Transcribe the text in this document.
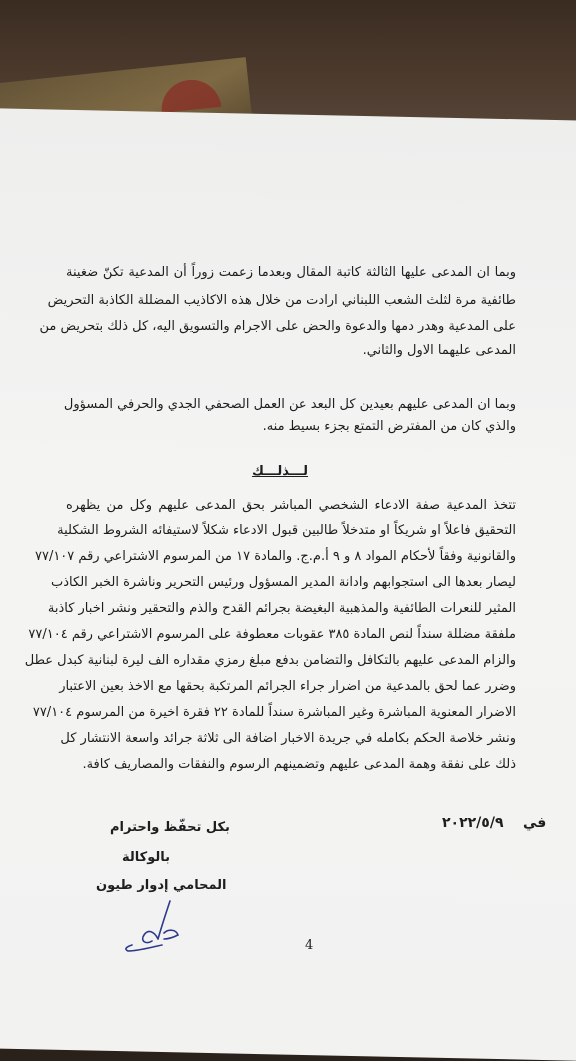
وبما ان المدعى عليها الثالثة كاتبة المقال وبعدما زعمت زوراً أن المدعية تكنّ ضغينة
طائفية مرة لثلث الشعب اللبناني ارادت من خلال هذه الاكاذيب المضللة الكاذبة التحريض
على المدعية وهدر دمها والدعوة والحض على الاجرام والتسويق اليه، كل ذلك بتحريض من
المدعى عليهما الاول والثاني.
وبما ان المدعى عليهم بعيدين كل البعد عن العمل الصحفي الجدي والحرفي المسؤول
والذي كان من المفترض التمتع بجزء بسيط منه.
لـــذلـــك
تتخذ المدعية صفة الادعاء الشخصي المباشر بحق المدعى عليهم وكل من يظهره
التحقيق فاعلاً او شريكاً او متدخلاً طالبين قبول الادعاء شكلاً لاستيفائه الشروط الشكلية
والقانونية وفقاً لأحكام المواد ٨ و ٩ أ.م.ج. والمادة ١٧ من المرسوم الاشتراعي رقم ٧٧/١٠٧
ليصار بعدها الى استجوابهم وادانة المدير المسؤول ورئيس التحرير وناشرة الخبر الكاذب
المثير للنعرات الطائفية والمذهبية البغيضة بجرائم القدح والذم والتحقير ونشر اخبار كاذبة
ملفقة مضللة سنداً لنص المادة ٣٨٥ عقوبات معطوفة على المرسوم الاشتراعي رقم ٧٧/١٠٤
والزام المدعى عليهم بالتكافل والتضامن بدفع مبلغ رمزي مقداره الف ليرة لبنانية كبدل عطل
وضرر عما لحق بالمدعية من اضرار جراء الجرائم المرتكبة بحقها مع الاخذ بعين الاعتبار
الاضرار المعنوية المباشرة وغير المباشرة سنداً للمادة ٢٢ فقرة اخيرة من المرسوم ٧٧/١٠٤
ونشر خلاصة الحكم بكامله في جريدة الاخبار اضافة الى ثلاثة جرائد واسعة الانتشار كل
ذلك على نفقة وهمة المدعى عليهم وتضمينهم الرسوم والنفقات والمصاريف كافة.
في    ٢٠٢٢/٥/٩
بكل تحفّظ واحترام
بالوكالة
المحامي إدوار طيون
4
